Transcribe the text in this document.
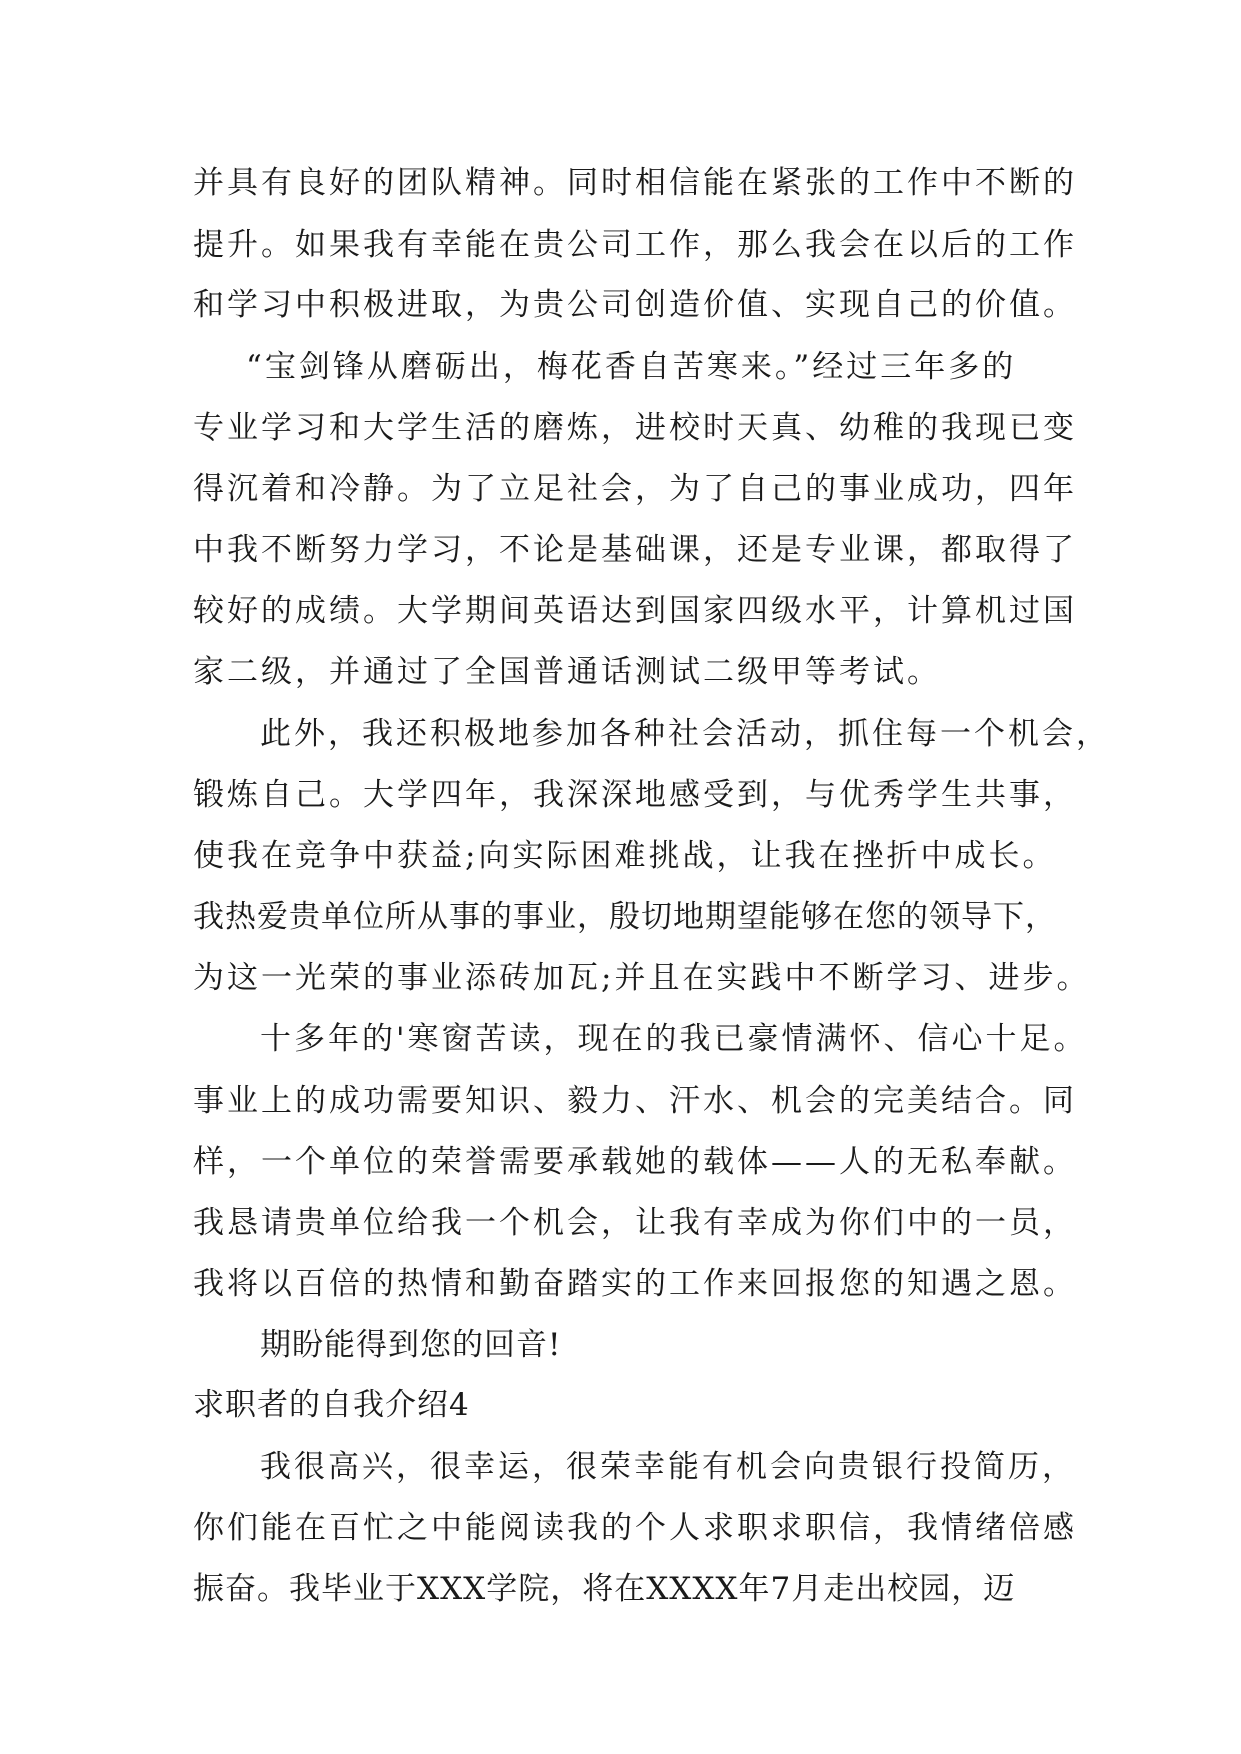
并具有良好的团队精神。同时相信能在紧张的工作中不断的
提升。如果我有幸能在贵公司工作，那么我会在以后的工作
和学习中积极进取，为贵公司创造价值、实现自己的价值。
“宝剑锋从磨砺出，梅花香自苦寒来。”经过三年多的
专业学习和大学生活的磨炼，进校时天真、幼稚的我现已变
得沉着和冷静。为了立足社会，为了自己的事业成功，四年
中我不断努力学习，不论是基础课，还是专业课，都取得了
较好的成绩。大学期间英语达到国家四级水平，计算机过国
家二级，并通过了全国普通话测试二级甲等考试。
此外，我还积极地参加各种社会活动，抓住每一个机会，
锻炼自己。大学四年，我深深地感受到，与优秀学生共事，
使我在竞争中获益;向实际困难挑战，让我在挫折中成长。
我热爱贵单位所从事的事业，殷切地期望能够在您的领导下，
为这一光荣的事业添砖加瓦;并且在实践中不断学习、进步。
十多年的'寒窗苦读，现在的我已豪情满怀、信心十足。
事业上的成功需要知识、毅力、汗水、机会的完美结合。同
样，一个单位的荣誉需要承载她的载体——人的无私奉献。
我恳请贵单位给我一个机会，让我有幸成为你们中的一员，
我将以百倍的热情和勤奋踏实的工作来回报您的知遇之恩。
期盼能得到您的回音!
求职者的自我介绍4
我很高兴，很幸运，很荣幸能有机会向贵银行投简历，
你们能在百忙之中能阅读我的个人求职求职信，我情绪倍感
振奋。我毕业于XXX学院，将在XXXX年7月走出校园，迈
